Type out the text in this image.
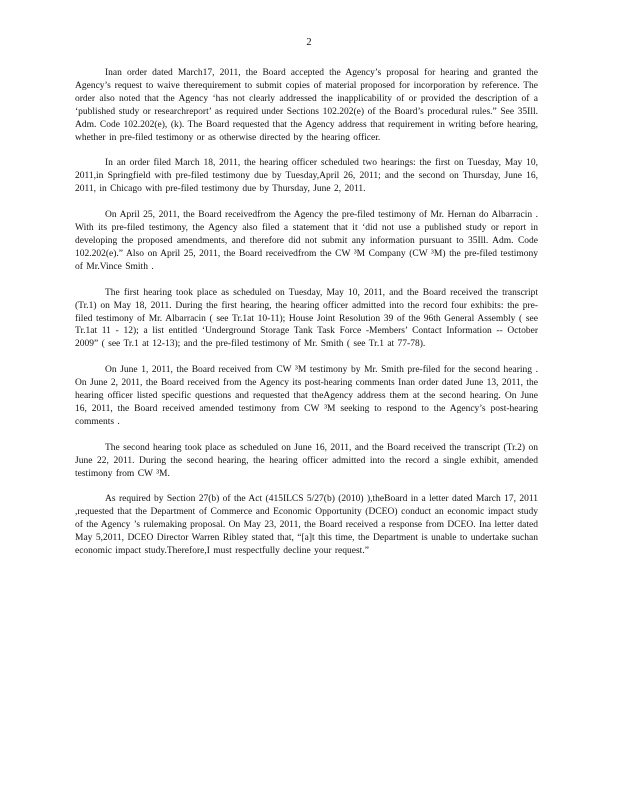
2

Inan order dated March17, 2011, the Board accepted the Agency’s proposal for hearing and granted the Agency’s request to waive therequirement to submit copies of material proposed for incorporation by reference. The order also noted that the Agency ‘has not clearly addressed the inapplicability of or provided the description of a ‘published study or researchreport’ as required under Sections 102.202(e) of the Board’s procedural rules.” See 35Ill. Adm. Code 102.202(e), (k). The Board requested that the Agency address that requirement in writing before hearing, whether in pre-filed testimony or as otherwise directed by the hearing officer.

In an order filed March 18, 2011, the hearing officer scheduled two hearings: the first on Tuesday, May 10, 2011,in Springfield with pre-filed testimony due by Tuesday,April 26, 2011; and the second on Thursday, June 16, 2011, in Chicago with pre-filed testimony due by Thursday, June 2, 2011.

On April 25, 2011, the Board receivedfrom the Agency the pre-filed testimony of Mr. Hernan do Albarracin . With its pre-filed testimony, the Agency also filed a statement that it ‘did not use a published study or report in developing the proposed amendments, and therefore did not submit any information pursuant to 35Ill. Adm. Code 102.202(e).” Also on April 25, 2011, the Board receivedfrom the CW ³M Company (CW ³M) the pre-filed testimony of Mr.Vince Smith .

The first hearing took place as scheduled on Tuesday, May 10, 2011, and the Board received the transcript (Tr.1) on May 18, 2011. During the first hearing, the hearing officer admitted into the record four exhibits: the pre-filed testimony of Mr. Albarracin ( see Tr.1at 10-11); House Joint Resolution 39 of the 96th General Assembly ( see Tr.1at 11 - 12); a list entitled ‘Underground Storage Tank Task Force -Members’ Contact Information -- October 2009” ( see Tr.1 at 12-13); and the pre-filed testimony of Mr. Smith ( see Tr.1 at 77-78).

On June 1, 2011, the Board received from CW ³M testimony by Mr. Smith pre-filed for the second hearing . On June 2, 2011, the Board received from the Agency its post-hearing comments Inan order dated June 13, 2011, the hearing officer listed specific questions and requested that theAgency address them at the second hearing. On June 16, 2011, the Board received amended testimony from CW ³M seeking to respond to the Agency’s post-hearing comments .

The second hearing took place as scheduled on June 16, 2011, and the Board received the transcript (Tr.2) on June 22, 2011. During the second hearing, the hearing officer admitted into the record a single exhibit, amended testimony from CW ³M.

As required by Section 27(b) of the Act (415ILCS 5/27(b) (2010) ),theBoard in a letter dated March 17, 2011 ,requested that the Department of Commerce and Economic Opportunity (DCEO) conduct an economic impact study of the Agency ’s rulemaking proposal. On May 23, 2011, the Board received a response from DCEO. Ina letter dated May 5,2011, DCEO Director Warren Ribley stated that, “[a]t this time, the Department is unable to undertake suchan economic impact study.Therefore,I must respectfully decline your request.”
